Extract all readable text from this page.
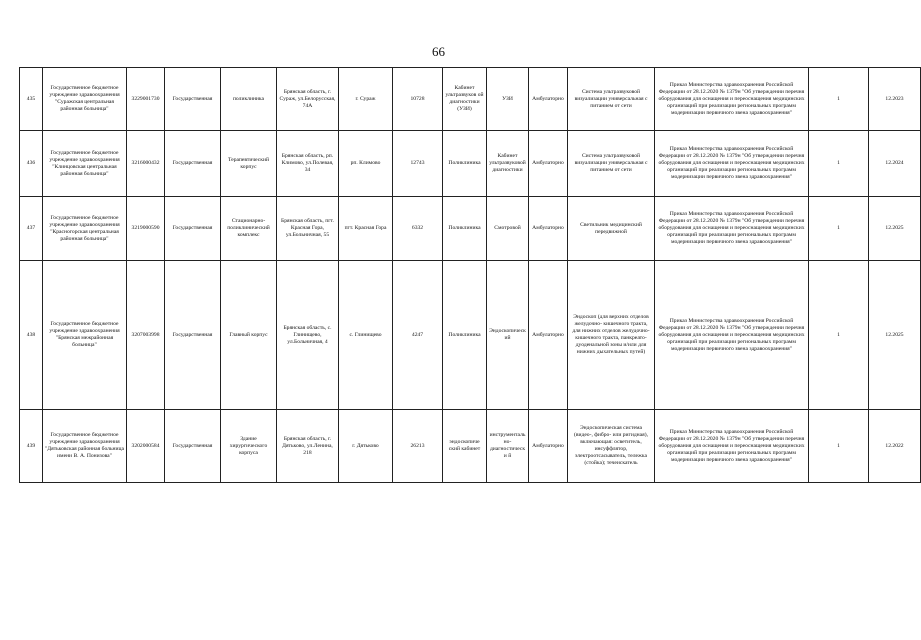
66
435	Государственное бюджетное учреждение здравоохранения "Суражская центральная районная больница"	3229001730	Государственная	поликлиника	Брянская область, г. Сураж, ул.Белорусская, 74А	г. Сураж	10728	Кабинет ультразвуков ой диагностики (УЗИ)	УЗИ	Амбулаторно	Система ультразвуковой визуализации универсальная с питанием от сети	Приказ Министерства здравоохранения Российской Федерации от 28.12.2020 № 1379н "Об утверждении перечня оборудования для оснащения и переоснащения медицинских организаций при реализации региональных программ модернизации первичного звена здравоохранения"	1	12.2023
436	Государственное бюджетное учреждение здравоохранения "Клинцовская центральная районная больница"	3216000432	Государственная	Терапевтический корпус	Брянская область, рп. Климово, ул.Полевая, 34	рп. Климово	12743	Поликлиника	Кабинет ультразвуковой диагностики	Амбулаторно	Система ультразвуковой визуализации универсальная с питанием от сети	Приказ Министерства здравоохранения Российской Федерации от 28.12.2020 № 1379н "Об утверждении перечня оборудования для оснащения и переоснащения медицинских организаций при реализации региональных программ модернизации первичного звена здравоохранения"	1	12.2024
437	Государственное бюджетное учреждение здравоохранения "Красногорская центральная районная больница"	3219000590	Государственная	Стационарно-поликлинический комплекс	Брянская область, пгт. Красная Гора, ул.Больничная, 55	пгт. Красная Гора	6332	Поликлиника	Смотровой	Амбулаторно	Светильник медицинский передвижной	Приказ Министерства здравоохранения Российской Федерации от 28.12.2020 № 1379н "Об утверждении перечня оборудования для оснащения и переоснащения медицинских организаций при реализации региональных программ модернизации первичного звена здравоохранения"	1	12.2025
438	Государственное бюджетное учреждение здравоохранения "Брянская межрайонная больница"	3207003998	Государственная	Главный корпус	Брянская область, с. Глинищево, ул.Больничная, 4	с. Глинищево	4247	Поликлиника	Эндоскопическ ий	Амбулаторно	Эндоскоп (для верхних отделов желудочно- кишечного тракта, для нижних отделов желудочно-кишечного тракта, панкреато-дуоденальной зоны и/или для нижних дыхательных путей)	Приказ Министерства здравоохранения Российской Федерации от 28.12.2020 № 1379н "Об утверждении перечня оборудования для оснащения и переоснащения медицинских организаций при реализации региональных программ модернизации первичного звена здравоохранения"	1	12.2025
439	Государственное бюджетное учреждение здравоохранения "Дятьковская районная больница имени В. А. Понизова"	3202000584	Государственная	Здание хирургического корпуса	Брянская область, г. Дятьково, ул.Ленина, 218	г. Дятьково	26213	эндоскопиче ский кабинет	инструментально-диагностически й	Амбулаторно	Эндоскопическая система (видео-, фибро- или ригидная), включающая: осветитель, инсуффлятор, электроотсасыватель, тележка (стойка); течеискатель	Приказ Министерства здравоохранения Российской Федерации от 28.12.2020 № 1379н "Об утверждении перечня оборудования для оснащения и переоснащения медицинских организаций при реализации региональных программ модернизации первичного звена здравоохранения"	1	12.2022
